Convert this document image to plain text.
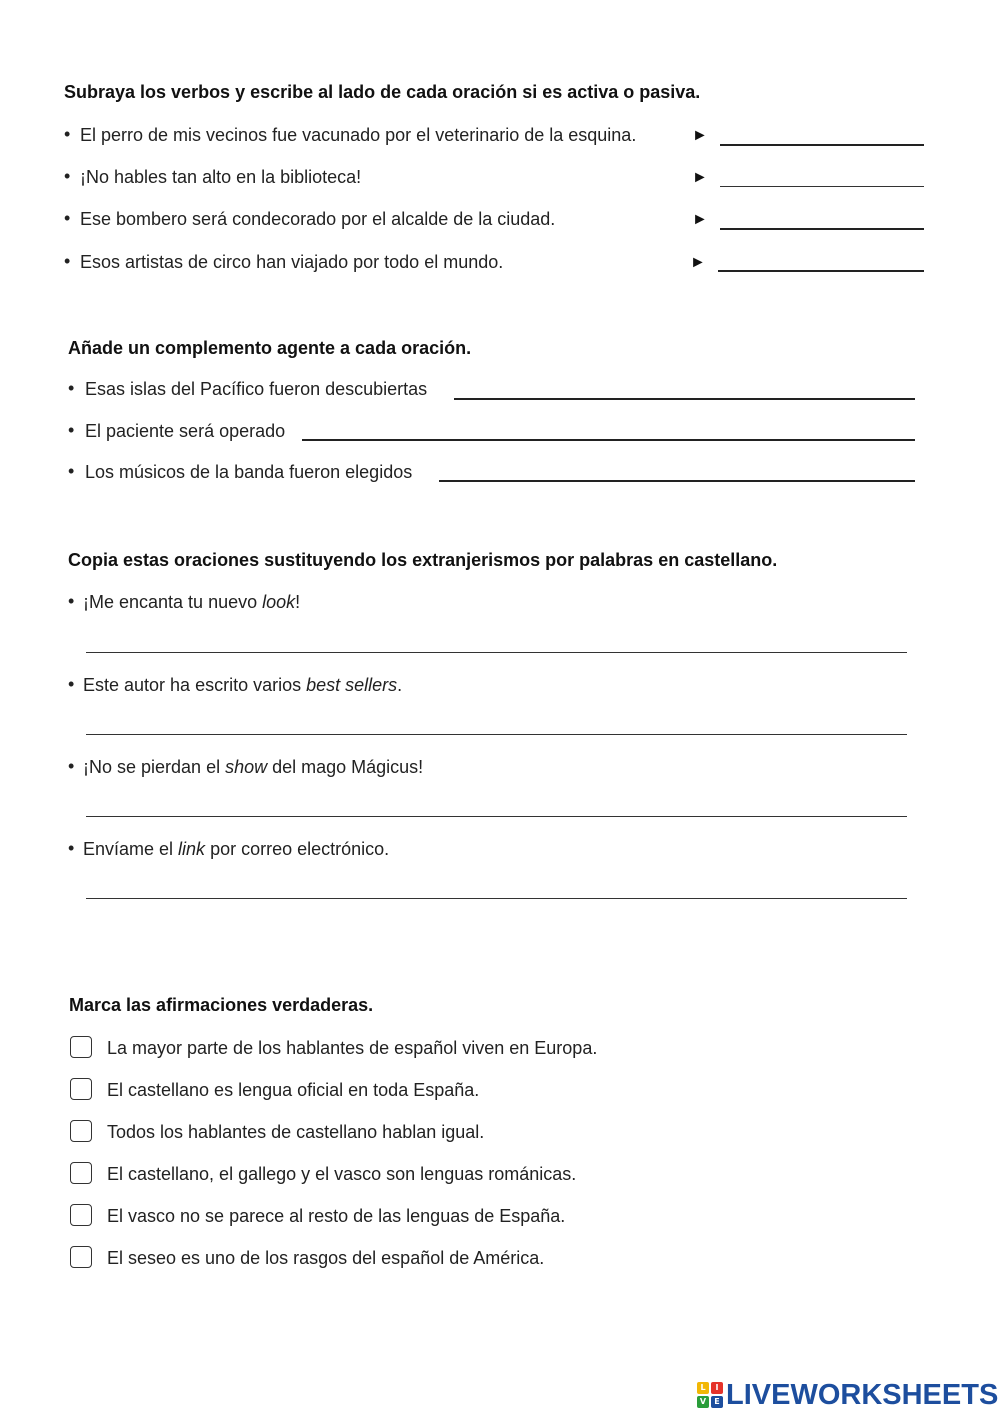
Subraya los verbos y escribe al lado de cada oración si es activa o pasiva.
• El perro de mis vecinos fue vacunado por el veterinario de la esquina.	►
• ¡No hables tan alto en la biblioteca!	►
• Ese bombero será condecorado por el alcalde de la ciudad.	►
• Esos artistas de circo han viajado por todo el mundo.	►
Añade un complemento agente a cada oración.
• Esas islas del Pacífico fueron descubiertas
• El paciente será operado
• Los músicos de la banda fueron elegidos
Copia estas oraciones sustituyendo los extranjerismos por palabras en castellano.
• ¡Me encanta tu nuevo look!
• Este autor ha escrito varios best sellers.
• ¡No se pierdan el show del mago Mágicus!
• Envíame el link por correo electrónico.
Marca las afirmaciones verdaderas.
La mayor parte de los hablantes de español viven en Europa.
El castellano es lengua oficial en toda España.
Todos los hablantes de castellano hablan igual.
El castellano, el gallego y el vasco son lenguas románicas.
El vasco no se parece al resto de las lenguas de España.
El seseo es uno de los rasgos del español de América.
L	I
V	E LIVEWORKSHEETS
